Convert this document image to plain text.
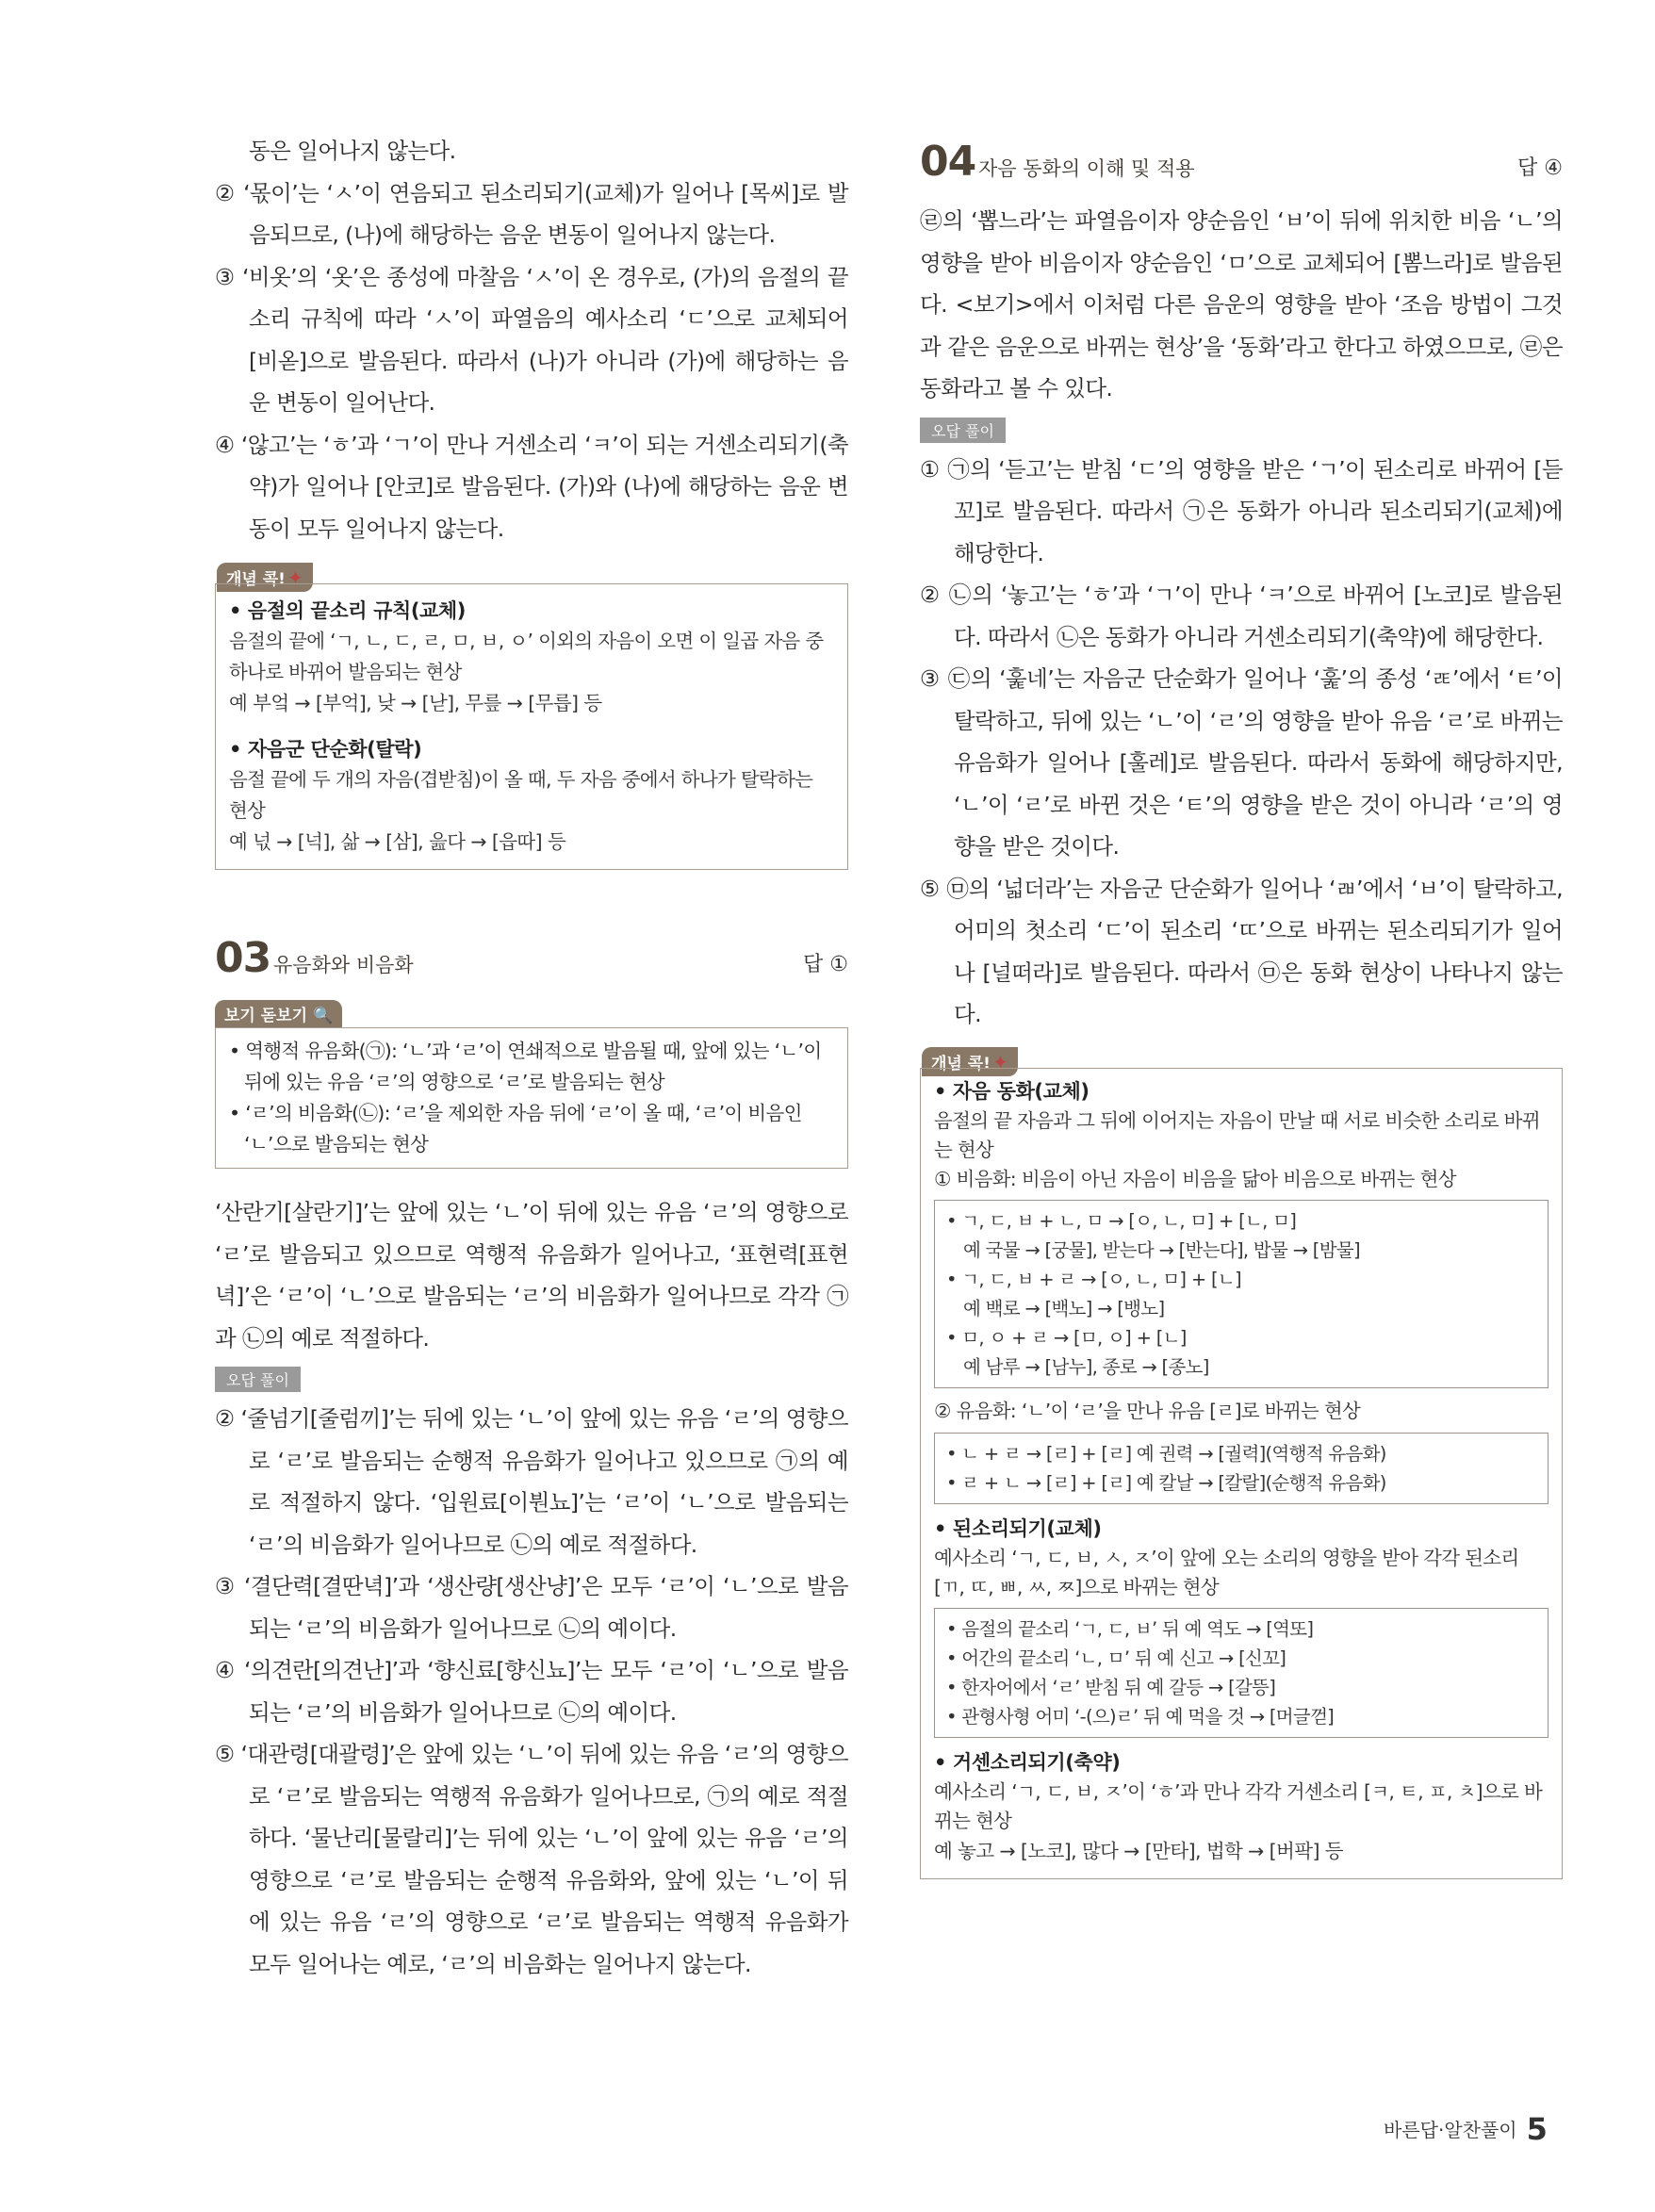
동은 일어나지 않는다.

② ‘몫이’는 ‘ㅅ’이 연음되고 된소리되기(교체)가 일어나 [목씨]로 발음되므로, (나)에 해당하는 음운 변동이 일어나지 않는다.

③ ‘비옷’의 ‘옷’은 종성에 마찰음 ‘ㅅ’이 온 경우로, (가)의 음절의 끝소리 규칙에 따라 ‘ㅅ’이 파열음의 예사소리 ‘ㄷ’으로 교체되어 [비옫]으로 발음된다. 따라서 (나)가 아니라 (가)에 해당하는 음운 변동이 일어난다.

④ ‘않고’는 ‘ㅎ’과 ‘ㄱ’이 만나 거센소리 ‘ㅋ’이 되는 거센소리되기(축약)가 일어나 [안코]로 발음된다. (가)와 (나)에 해당하는 음운 변동이 모두 일어나지 않는다.

개념 콕! ✦
• 음절의 끝소리 규칙(교체)

음절의 끝에 ‘ㄱ, ㄴ, ㄷ, ㄹ, ㅁ, ㅂ, ㅇ’ 이외의 자음이 오면 이 일곱 자음 중 하나로 바뀌어 발음되는 현상

예 부엌 → [부억], 낮 → [낟], 무릎 → [무릅] 등

• 자음군 단순화(탈락)

음절 끝에 두 개의 자음(겹받침)이 올 때, 두 자음 중에서 하나가 탈락하는 현상

예 넋 → [넉], 삶 → [삼], 읊다 → [읍따] 등

03 유음화와 비음화	답 ①
보기 돋보기 🔍

• 역행적 유음화(㉠): ‘ㄴ’과 ‘ㄹ’이 연쇄적으로 발음될 때, 앞에 있는 ‘ㄴ’이 뒤에 있는 유음 ‘ㄹ’의 영향으로 ‘ㄹ’로 발음되는 현상

• ‘ㄹ’의 비음화(㉡): ‘ㄹ’을 제외한 자음 뒤에 ‘ㄹ’이 올 때, ‘ㄹ’이 비음인 ‘ㄴ’으로 발음되는 현상

‘산란기[살란기]’는 앞에 있는 ‘ㄴ’이 뒤에 있는 유음 ‘ㄹ’의 영향으로 ‘ㄹ’로 발음되고 있으므로 역행적 유음화가 일어나고, ‘표현력[표현녁]’은 ‘ㄹ’이 ‘ㄴ’으로 발음되는 ‘ㄹ’의 비음화가 일어나므로 각각 ㉠과 ㉡의 예로 적절하다.

오답 풀이

② ‘줄넘기[줄럼끼]’는 뒤에 있는 ‘ㄴ’이 앞에 있는 유음 ‘ㄹ’의 영향으로 ‘ㄹ’로 발음되는 순행적 유음화가 일어나고 있으므로 ㉠의 예로 적절하지 않다. ‘입원료[이붠뇨]’는 ‘ㄹ’이 ‘ㄴ’으로 발음되는 ‘ㄹ’의 비음화가 일어나므로 ㉡의 예로 적절하다.

③ ‘결단력[결딴녁]’과 ‘생산량[생산냥]’은 모두 ‘ㄹ’이 ‘ㄴ’으로 발음되는 ‘ㄹ’의 비음화가 일어나므로 ㉡의 예이다.

④ ‘의견란[의견난]’과 ‘향신료[향신뇨]’는 모두 ‘ㄹ’이 ‘ㄴ’으로 발음되는 ‘ㄹ’의 비음화가 일어나므로 ㉡의 예이다.

⑤ ‘대관령[대괄령]’은 앞에 있는 ‘ㄴ’이 뒤에 있는 유음 ‘ㄹ’의 영향으로 ‘ㄹ’로 발음되는 역행적 유음화가 일어나므로, ㉠의 예로 적절하다. ‘물난리[물랄리]’는 뒤에 있는 ‘ㄴ’이 앞에 있는 유음 ‘ㄹ’의 영향으로 ‘ㄹ’로 발음되는 순행적 유음화와, 앞에 있는 ‘ㄴ’이 뒤에 있는 유음 ‘ㄹ’의 영향으로 ‘ㄹ’로 발음되는 역행적 유음화가 모두 일어나는 예로, ‘ㄹ’의 비음화는 일어나지 않는다.

04 자음 동화의 이해 및 적용	답 ④

㉣의 ‘뽑느라’는 파열음이자 양순음인 ‘ㅂ’이 뒤에 위치한 비음 ‘ㄴ’의 영향을 받아 비음이자 양순음인 ‘ㅁ’으로 교체되어 [뽐느라]로 발음된다. <보기>에서 이처럼 다른 음운의 영향을 받아 ‘조음 방법이 그것과 같은 음운으로 바뀌는 현상’을 ‘동화’라고 한다고 하였으므로, ㉣은 동화라고 볼 수 있다.

오답 풀이

① ㉠의 ‘듣고’는 받침 ‘ㄷ’의 영향을 받은 ‘ㄱ’이 된소리로 바뀌어 [듣꼬]로 발음된다. 따라서 ㉠은 동화가 아니라 된소리되기(교체)에 해당한다.

② ㉡의 ‘놓고’는 ‘ㅎ’과 ‘ㄱ’이 만나 ‘ㅋ’으로 바뀌어 [노코]로 발음된다. 따라서 ㉡은 동화가 아니라 거센소리되기(축약)에 해당한다.

③ ㉢의 ‘훑네’는 자음군 단순화가 일어나 ‘훑’의 종성 ‘ㄾ’에서 ‘ㅌ’이 탈락하고, 뒤에 있는 ‘ㄴ’이 ‘ㄹ’의 영향을 받아 유음 ‘ㄹ’로 바뀌는 유음화가 일어나 [훌레]로 발음된다. 따라서 동화에 해당하지만, ‘ㄴ’이 ‘ㄹ’로 바뀐 것은 ‘ㅌ’의 영향을 받은 것이 아니라 ‘ㄹ’의 영향을 받은 것이다.

⑤ ㉤의 ‘넓더라’는 자음군 단순화가 일어나 ‘ㄼ’에서 ‘ㅂ’이 탈락하고, 어미의 첫소리 ‘ㄷ’이 된소리 ‘ㄸ’으로 바뀌는 된소리되기가 일어나 [널떠라]로 발음된다. 따라서 ㉤은 동화 현상이 나타나지 않는다.

개념 콕! ✦
• 자음 동화(교체)

음절의 끝 자음과 그 뒤에 이어지는 자음이 만날 때 서로 비슷한 소리로 바뀌는 현상

① 비음화: 비음이 아닌 자음이 비음을 닮아 비음으로 바뀌는 현상

• ㄱ, ㄷ, ㅂ + ㄴ, ㅁ → [ㅇ, ㄴ, ㅁ] + [ㄴ, ㅁ]

예 국물 → [궁물], 받는다 → [반는다], 밥물 → [밤물]

• ㄱ, ㄷ, ㅂ + ㄹ → [ㅇ, ㄴ, ㅁ] + [ㄴ]

예 백로 → [백노] → [뱅노]

• ㅁ, ㅇ + ㄹ → [ㅁ, ㅇ] + [ㄴ]

예 남루 → [남누], 종로 → [종노]

② 유음화: ‘ㄴ’이 ‘ㄹ’을 만나 유음 [ㄹ]로 바뀌는 현상

• ㄴ + ㄹ → [ㄹ] + [ㄹ] 예 권력 → [궐력](역행적 유음화)

• ㄹ + ㄴ → [ㄹ] + [ㄹ] 예 칼날 → [칼랄](순행적 유음화)

• 된소리되기(교체)

예사소리 ‘ㄱ, ㄷ, ㅂ, ㅅ, ㅈ’이 앞에 오는 소리의 영향을 받아 각각 된소리 [ㄲ, ㄸ, ㅃ, ㅆ, ㅉ]으로 바뀌는 현상

• 음절의 끝소리 ‘ㄱ, ㄷ, ㅂ’ 뒤 예 역도 → [역또]

• 어간의 끝소리 ‘ㄴ, ㅁ’ 뒤 예 신고 → [신꼬]

• 한자어에서 ‘ㄹ’ 받침 뒤 예 갈등 → [갈뜽]

• 관형사형 어미 ‘-(으)ㄹ’ 뒤 예 먹을 것 → [머글껃]

• 거센소리되기(축약)

예사소리 ‘ㄱ, ㄷ, ㅂ, ㅈ’이 ‘ㅎ’과 만나 각각 거센소리 [ㅋ, ㅌ, ㅍ, ㅊ]으로 바뀌는 현상

예 놓고 → [노코], 많다 → [만타], 법학 → [버팍] 등

바른답·알찬풀이 5
